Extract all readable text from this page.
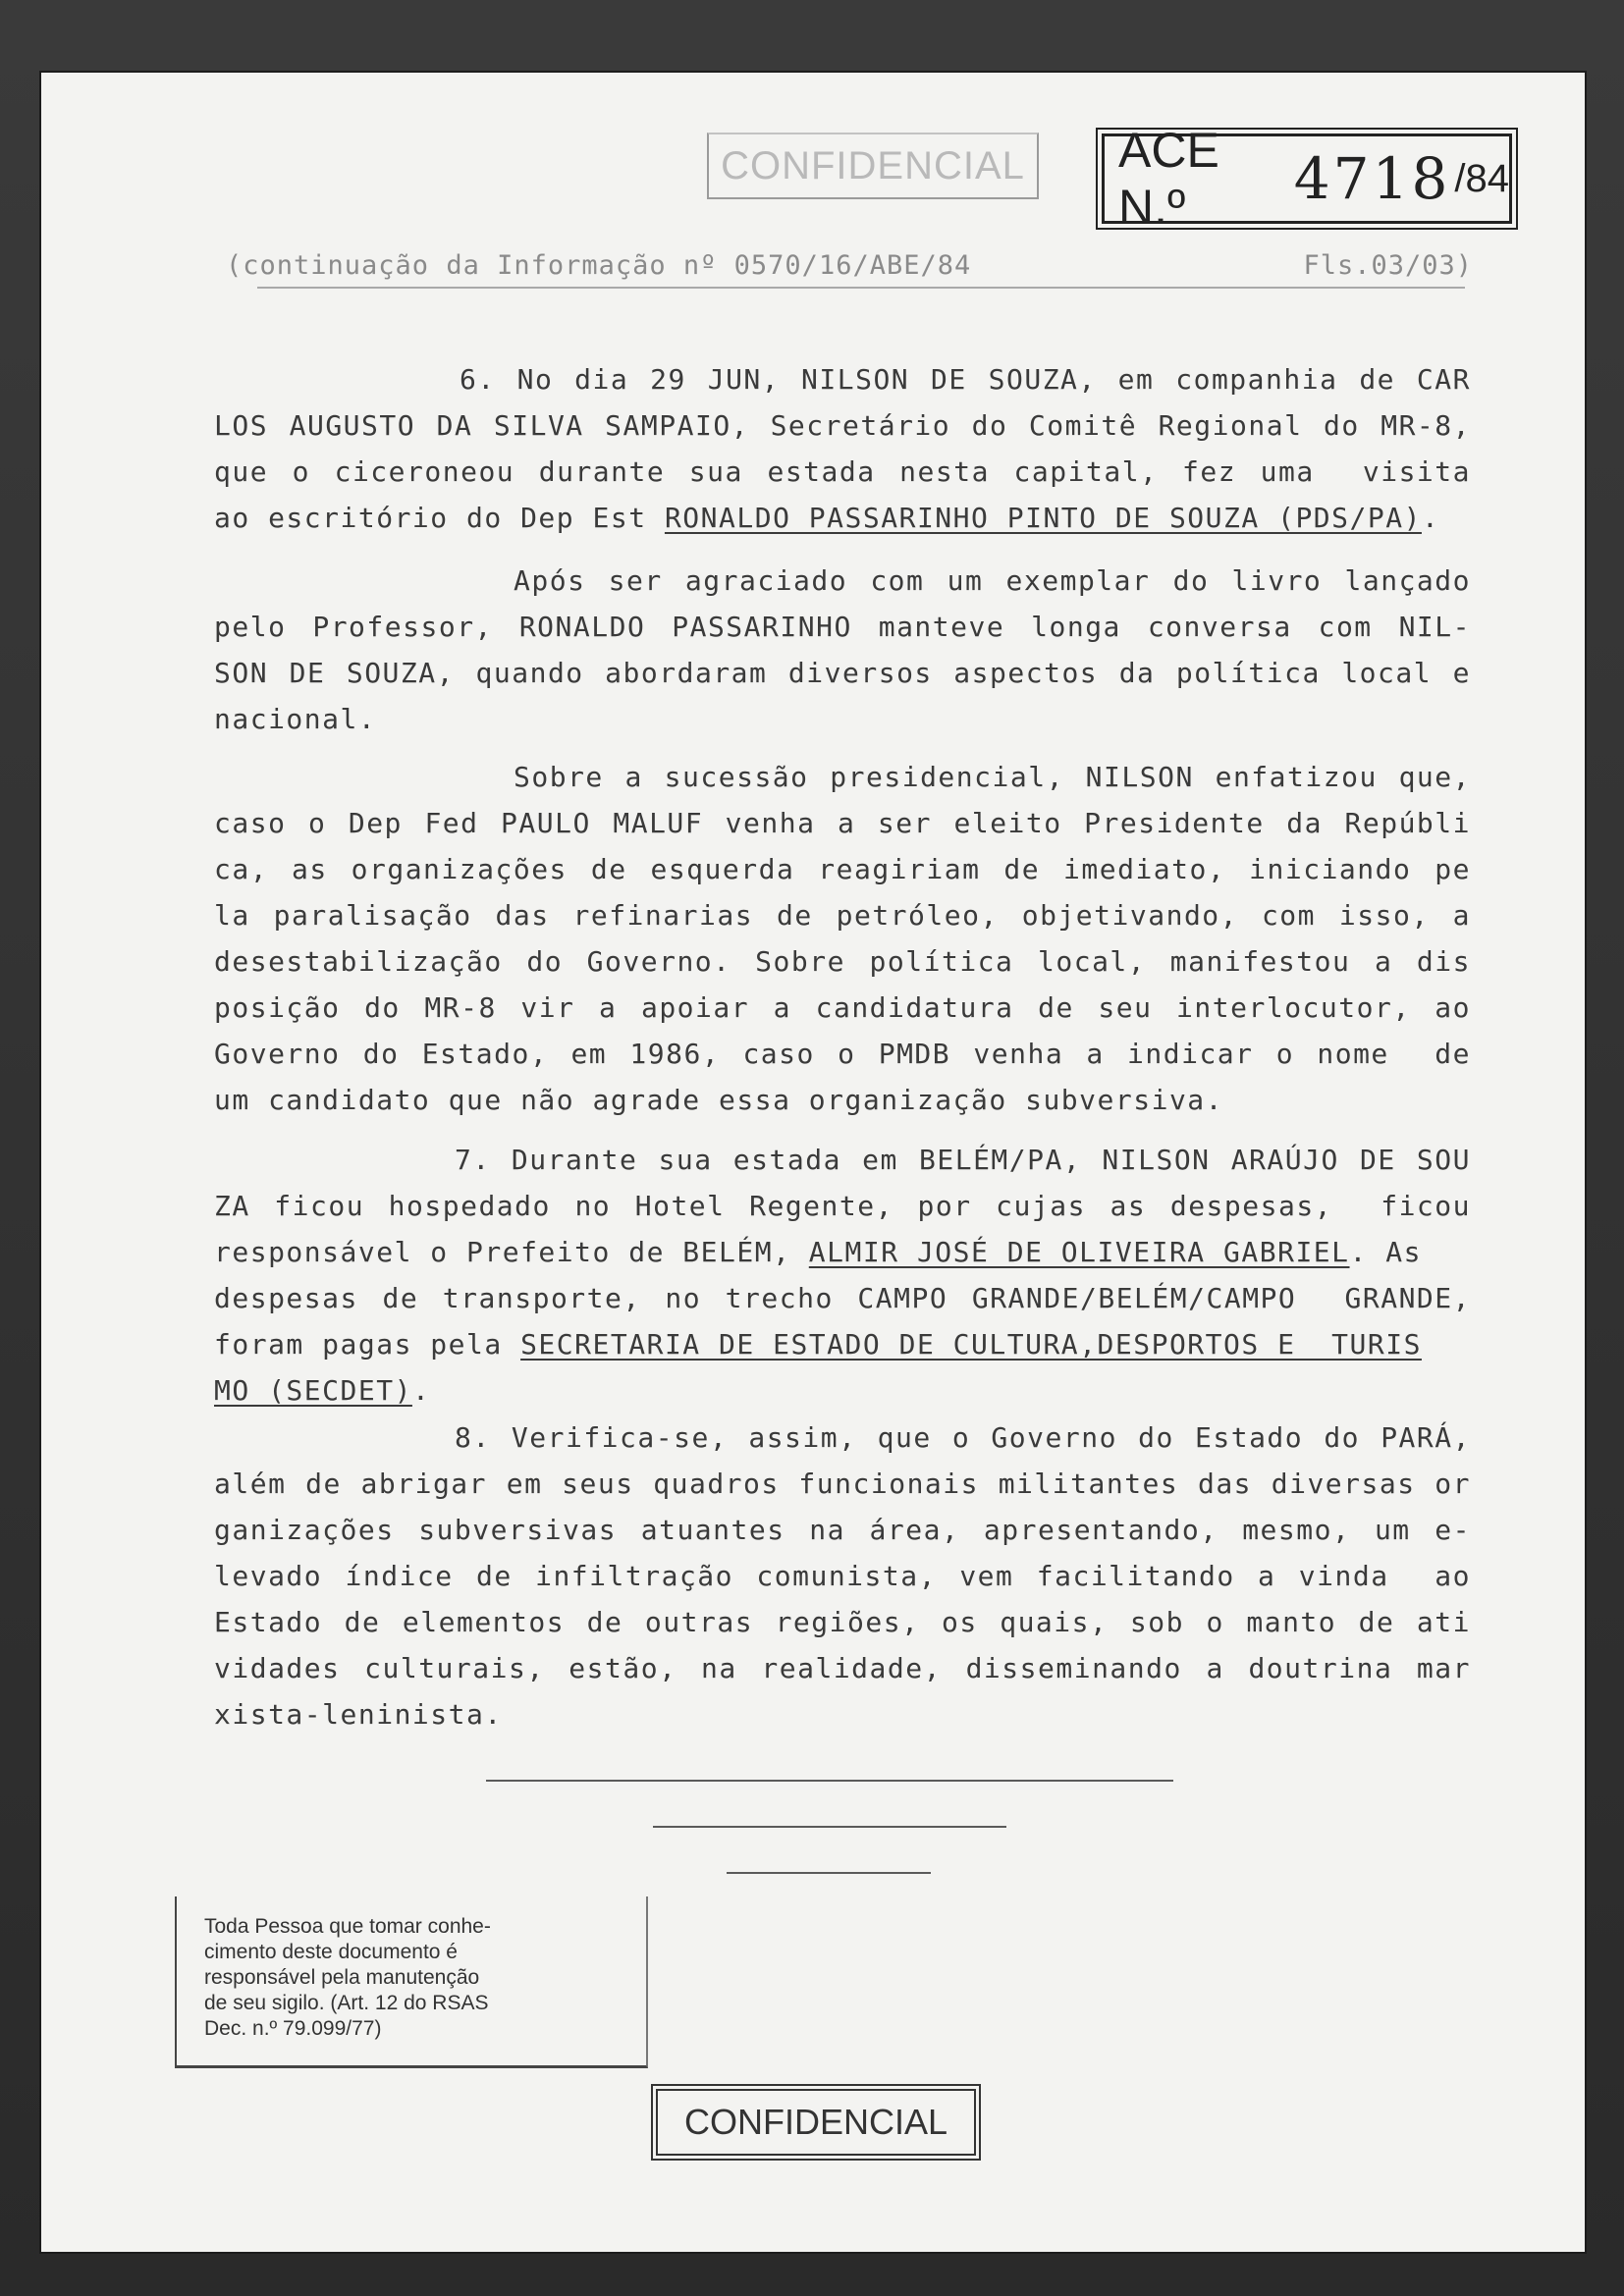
CONFIDENCIAL ACE N.º	4718 /84
(continuação da Informação nº 0570/16/ABE/84	Fls.03/03)
6. No dia 29 JUN, NILSON DE SOUZA, em companhia de CAR
LOS AUGUSTO DA SILVA SAMPAIO, Secretário do Comitê Regional do MR-8,
que o ciceroneou durante sua estada nesta capital, fez uma  visita
ao escritório do Dep Est RONALDO PASSARINHO PINTO DE SOUZA (PDS/PA).
Após ser agraciado com um exemplar do livro lançado
pelo Professor, RONALDO PASSARINHO manteve longa conversa com NIL-
SON DE SOUZA, quando abordaram diversos aspectos da política local e
nacional.
Sobre a sucessão presidencial, NILSON enfatizou que,
caso o Dep Fed PAULO MALUF venha a ser eleito Presidente da Repúbli
ca, as organizações de esquerda reagiriam de imediato, iniciando pe
la paralisação das refinarias de petróleo, objetivando, com isso, a
desestabilização do Governo. Sobre política local, manifestou a dis
posição do MR-8 vir a apoiar a candidatura de seu interlocutor, ao
Governo do Estado, em 1986, caso o PMDB venha a indicar o nome  de
um candidato que não agrade essa organização subversiva.
7. Durante sua estada em BELÉM/PA, NILSON ARAÚJO DE SOU
ZA ficou hospedado no Hotel Regente, por cujas as despesas,  ficou
responsável o Prefeito de BELÉM, ALMIR JOSÉ DE OLIVEIRA GABRIEL. As
despesas de transporte, no trecho CAMPO GRANDE/BELÉM/CAMPO  GRANDE,
foram pagas pela SECRETARIA DE ESTADO DE CULTURA,DESPORTOS E  TURIS
MO (SECDET).
8. Verifica-se, assim, que o Governo do Estado do PARÁ,
além de abrigar em seus quadros funcionais militantes das diversas or
ganizações subversivas atuantes na área, apresentando, mesmo, um e-
levado índice de infiltração comunista, vem facilitando a vinda  ao
Estado de elementos de outras regiões, os quais, sob o manto de ati
vidades culturais, estão, na realidade, disseminando a doutrina mar
xista-leninista.
Toda Pessoa que tomar conhe-
cimento deste documento é
responsável pela manutenção
de seu sigilo. (Art. 12 do RSAS
Dec. n.º 79.099/77)
CONFIDENCIAL
